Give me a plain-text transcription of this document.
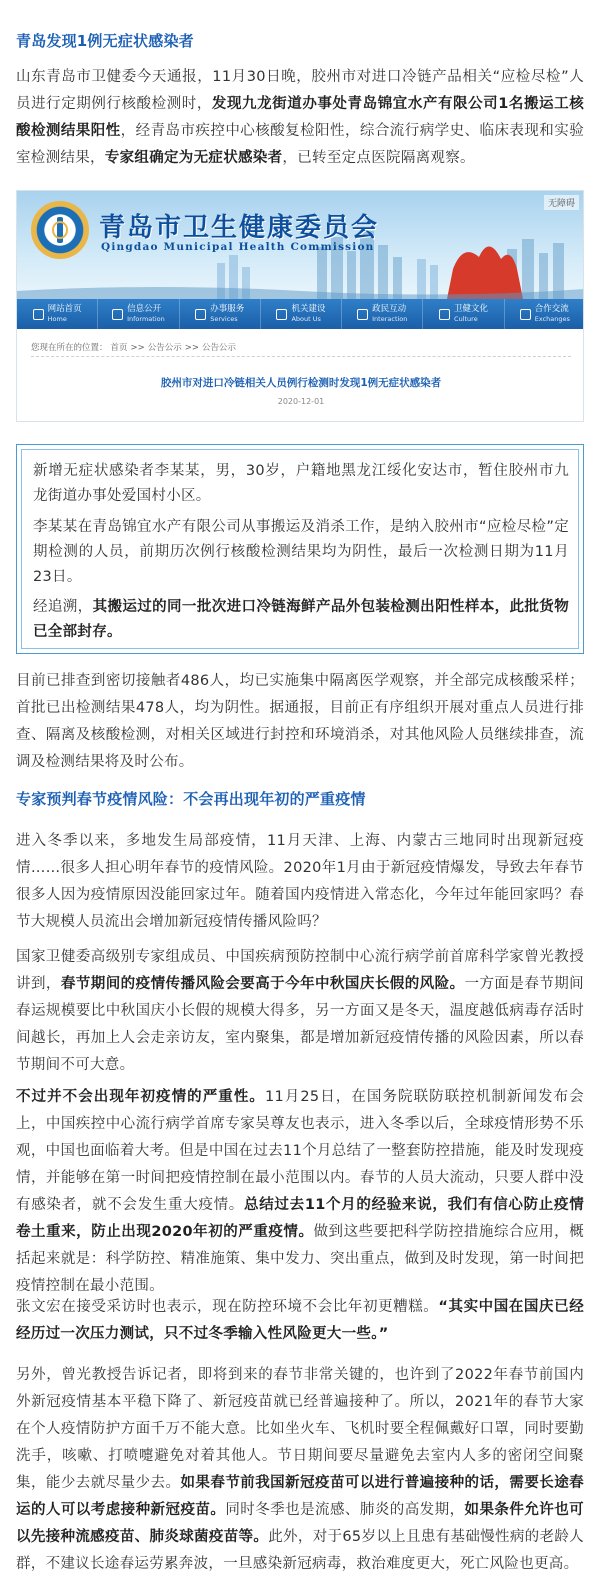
青岛发现1例无症状感染者

山东青岛市卫健委今天通报，11月30日晚，胶州市对进口冷链产品相关“应检尽检”人员进行定期例行核酸检测时，发现九龙街道办事处青岛锦宜水产有限公司1名搬运工核酸检测结果阳性，经青岛市疾控中心核酸复检阳性，综合流行病学史、临床表现和实验室检测结果，专家组确定为无症状感染者，已转至定点医院隔离观察。

青岛市卫生健康委员会
Qingdao Municipal Health Commission
无障碍
网站首页
Home
信息公开
Information
办事服务
Services
机关建设
About Us
政民互动
Interaction
卫健文化
Culture
合作交流
Exchanges
您现在所在的位置： 首页 >> 公告公示 >> 公告公示
胶州市对进口冷链相关人员例行检测时发现1例无症状感染者
2020-12-01

新增无症状感染者李某某，男，30岁，户籍地黑龙江绥化安达市，暂住胶州市九龙街道办事处爱国村小区。

李某某在青岛锦宜水产有限公司从事搬运及消杀工作，是纳入胶州市“应检尽检”定期检测的人员，前期历次例行核酸检测结果均为阴性，最后一次检测日期为11月23日。

经追溯，其搬运过的同一批次进口冷链海鲜产品外包装检测出阳性样本，此批货物已全部封存。

目前已排查到密切接触者486人，均已实施集中隔离医学观察，并全部完成核酸采样；首批已出检测结果478人，均为阴性。据通报，目前正有序组织开展对重点人员进行排查、隔离及核酸检测，对相关区域进行封控和环境消杀，对其他风险人员继续排查，流调及检测结果将及时公布。

专家预判春节疫情风险：不会再出现年初的严重疫情

进入冬季以来，多地发生局部疫情，11月天津、上海、内蒙古三地同时出现新冠疫情……很多人担心明年春节的疫情风险。2020年1月由于新冠疫情爆发，导致去年春节很多人因为疫情原因没能回家过年。随着国内疫情进入常态化，今年过年能回家吗？春节大规模人员流出会增加新冠疫情传播风险吗？

国家卫健委高级别专家组成员、中国疾病预防控制中心流行病学前首席科学家曾光教授讲到，春节期间的疫情传播风险会要高于今年中秋国庆长假的风险。一方面是春节期间春运规模要比中秋国庆小长假的规模大得多，另一方面又是冬天，温度越低病毒存活时间越长，再加上人会走亲访友，室内聚集，都是增加新冠疫情传播的风险因素，所以春节期间不可大意。

不过并不会出现年初疫情的严重性。11月25日，在国务院联防联控机制新闻发布会上，中国疾控中心流行病学首席专家吴尊友也表示，进入冬季以后，全球疫情形势不乐观，中国也面临着大考。但是中国在过去11个月总结了一整套防控措施，能及时发现疫情，并能够在第一时间把疫情控制在最小范围以内。春节的人员大流动，只要人群中没有感染者，就不会发生重大疫情。总结过去11个月的经验来说，我们有信心防止疫情卷土重来，防止出现2020年初的严重疫情。做到这些要把科学防控措施综合应用，概括起来就是：科学防控、精准施策、集中发力、突出重点，做到及时发现，第一时间把疫情控制在最小范围。

张文宏在接受采访时也表示，现在防控环境不会比年初更糟糕。“其实中国在国庆已经经历过一次压力测试，只不过冬季输入性风险更大一些。”

另外，曾光教授告诉记者，即将到来的春节非常关键的，也许到了2022年春节前国内外新冠疫情基本平稳下降了、新冠疫苗就已经普遍接种了。所以，2021年的春节大家在个人疫情防护方面千万不能大意。比如坐火车、飞机时要全程佩戴好口罩，同时要勤洗手，咳嗽、打喷嚏避免对着其他人。节日期间要尽量避免去室内人多的密闭空间聚集，能少去就尽量少去。如果春节前我国新冠疫苗可以进行普遍接种的话，需要长途春运的人可以考虑接种新冠疫苗。同时冬季也是流感、肺炎的高发期，如果条件允许也可以先接种流感疫苗、肺炎球菌疫苗等。此外，对于65岁以上且患有基础慢性病的老龄人群，不建议长途春运劳累奔波，一旦感染新冠病毒，救治难度更大，死亡风险也更高。
